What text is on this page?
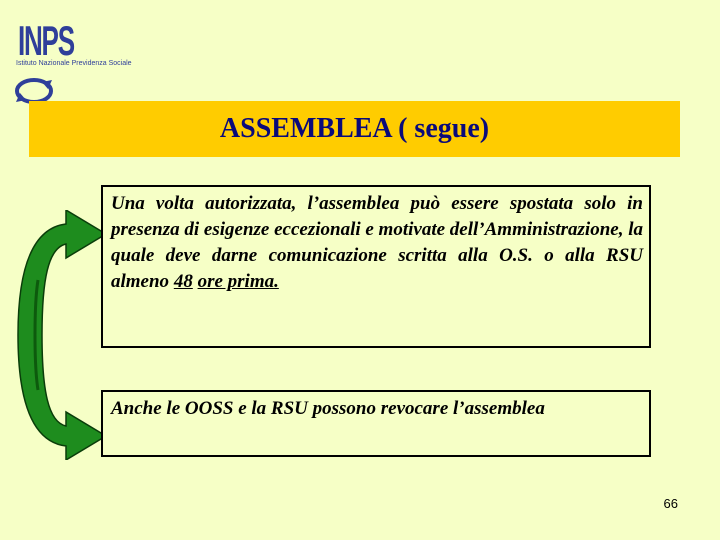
INPS

Istituto Nazionale Previdenza Sociale

ASSEMBLEA ( segue)
Una volta autorizzata, l’assemblea può essere spostata solo in presenza di esigenze eccezionali e motivate dell’Amministrazione, la quale deve darne comunicazione scritta alla O.S. o alla RSU almeno 48 ore prima.
Anche le OOSS e la RSU possono revocare l’assemblea

66
